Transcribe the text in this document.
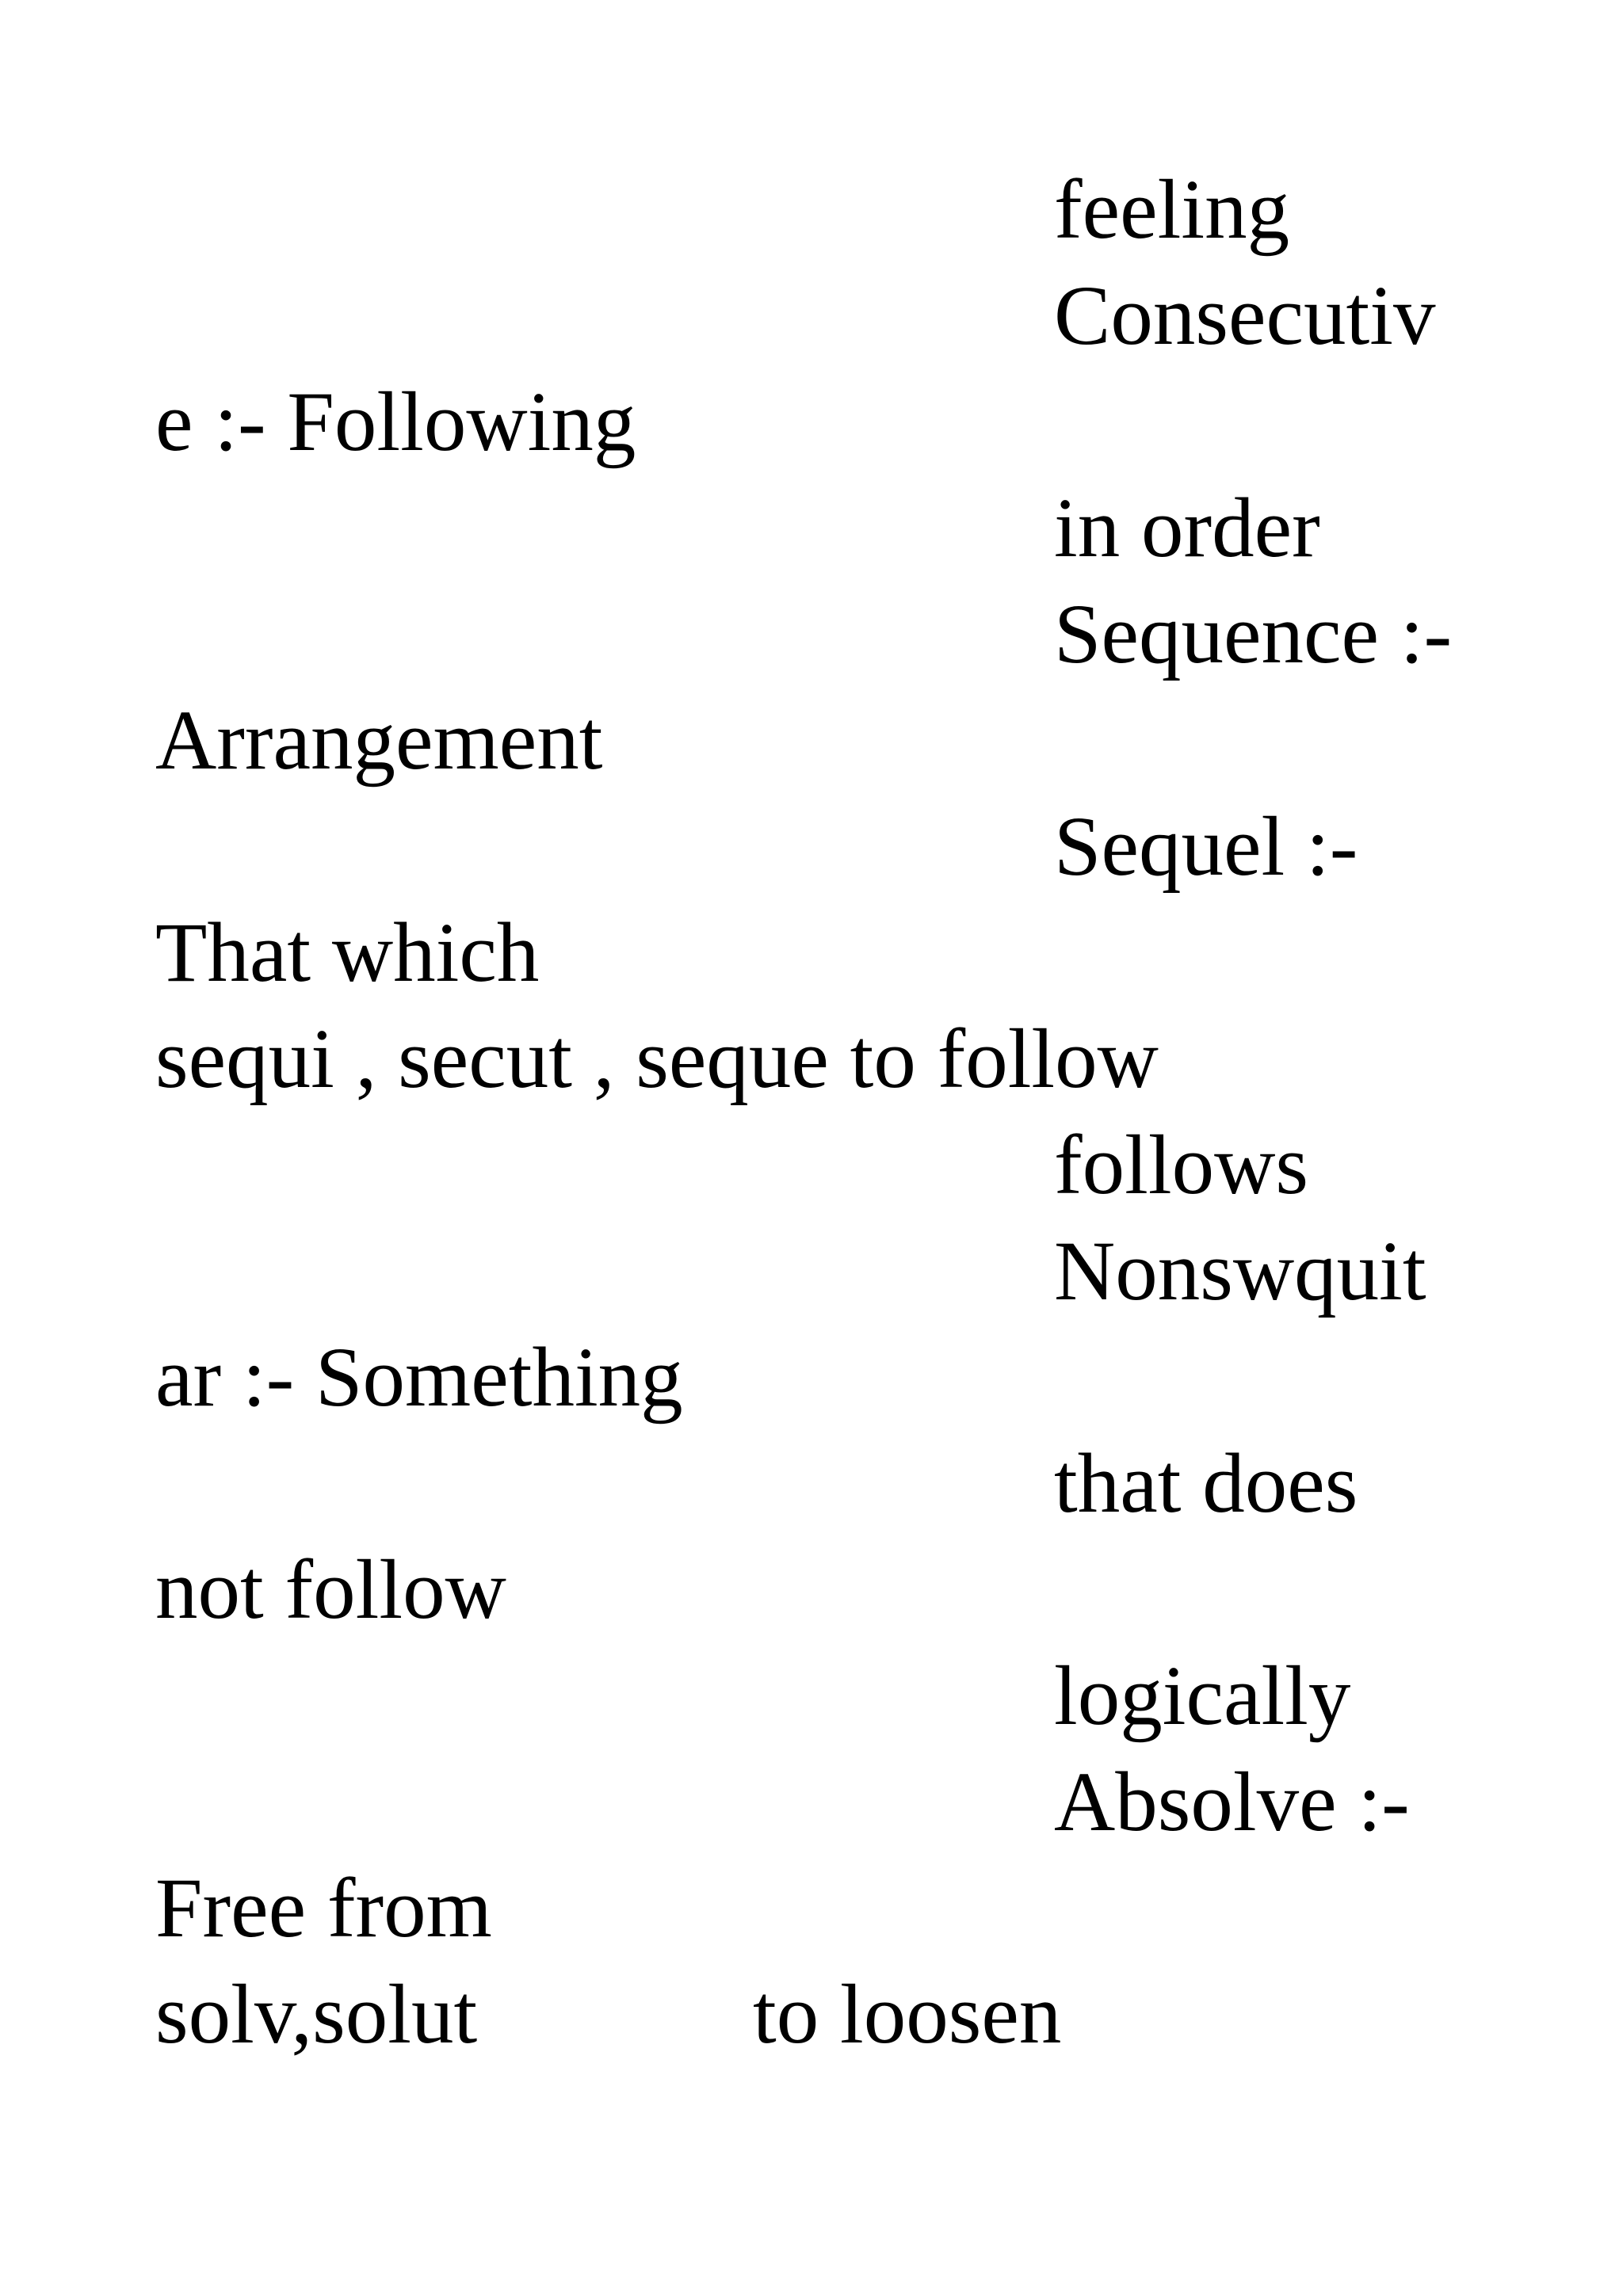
feeling
Consecutiv
e :- Following
in order
Sequence :-
Arrangement
Sequel :-
That which
sequi , secut , seque to follow
follows
Nonswquit
ar :- Something
that does
not follow
logically
Absolve :-
Free from
solv,solut	to loosen
